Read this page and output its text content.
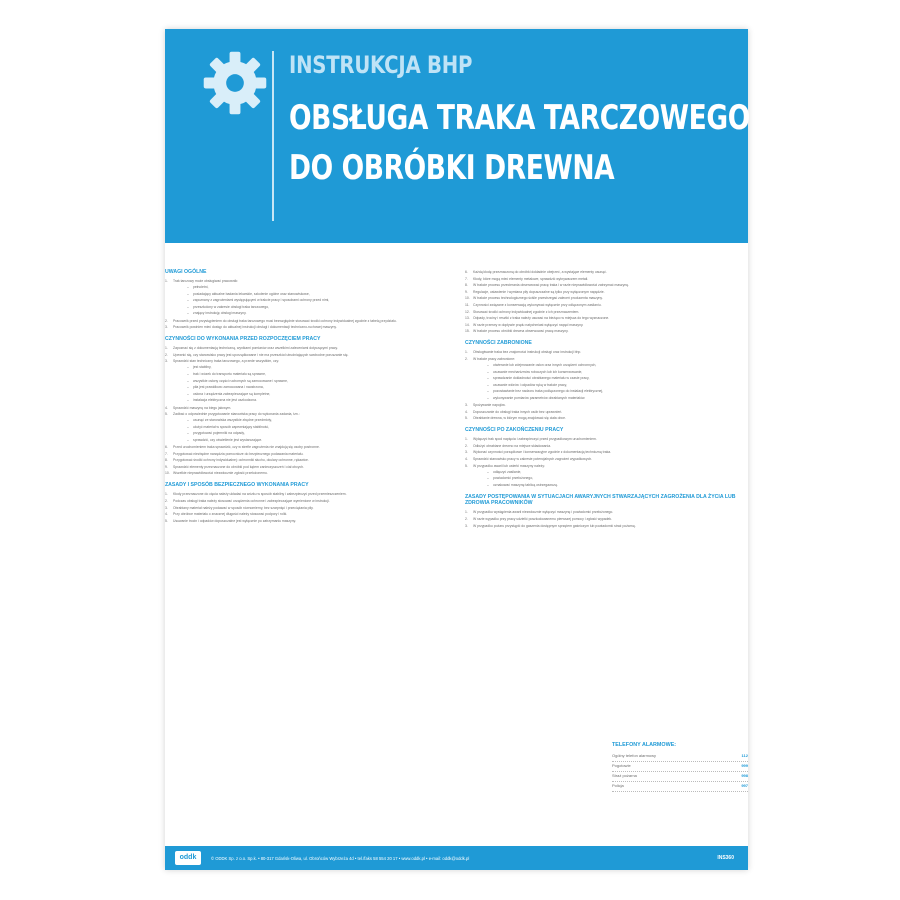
INSTRUKCJA BHP
OBSŁUGA TRAKA TARCZOWEGO
DO OBRÓBKI DREWNA
UWAGI OGÓLNE
1.	Trak tarczowy może obsługiwać pracownik:
–	pełnoletni,
–	posiadający aktualne badania lekarskie, szkolenie ogólne oraz stanowiskowe,
–	zapoznany z zagrożeniami występującymi w trakcie pracy i sposobami ochrony przed nimi,
–	przeszkolony w zakresie obsługi traka tarczowego,
–	znający instrukcję obsługi maszyny.
2.	Pracownik przed przystąpieniem do obsługi traka tarczowego musi bezwzględnie stosować środki ochrony indywidualnej zgodnie z tabelą przydziału.
3.	Pracownik powinien mieć dostęp do aktualnej instrukcji obsługi i dokumentacji techniczno-ruchowej maszyny.
CZYNNOŚCI DO WYKONANIA PRZED ROZPOCZĘCIEM PRACY
1.	Zapoznać się z dokumentacją techniczną, wynikami pomiarów oraz wszelkimi zaleceniami dotyczącymi pracy.
2.	Upewnić się, czy stanowisko pracy jest uporządkowane i nie ma przeszkód utrudniających swobodne poruszanie się.
3.	Sprawdzić stan techniczny traka tarczowego, a przede wszystkim, czy:
–	jest stabilny,
–	trak i wózek do transportu materiału są sprawne,
–	wszystkie osłony części ruchomych są zamocowane i sprawne,
–	piła jest prawidłowo zamocowana i naostrzona,
–	osłona i urządzenia zabezpieczające są kompletne,
–	instalacja elektryczna nie jest uszkodzona.
4.	Sprawdzić maszynę na biegu jałowym.
5.	Zadbać o odpowiednie przygotowanie stanowiska pracy do wykonania zadania, tzn.:
–	usunąć ze stanowiska wszystkie zbędne przedmioty,
–	ułożyć materiał w sposób zapewniający stabilność,
–	przygotować pojemniki na odpady,
–	sprawdzić, czy oświetlenie jest wystarczające.
6.	Przed uruchomieniem traka sprawdzić, czy w strefie zagrożenia nie znajdują się osoby postronne.
7.	Przygotować niezbędne narzędzia pomocnicze do bezpiecznego podawania materiału.
8.	Przygotować środki ochrony indywidualnej: ochronniki słuchu, okulary ochronne, rękawice.
9.	Sprawdzić elementy przeznaczone do obróbki pod kątem zanieczyszczeń i ciał obcych.
10. Wszelkie nieprawidłowości niezwłocznie zgłosić przełożonemu.
ZASADY I SPOSÓB BEZPIECZNEGO WYKONANIA PRACY
1.	Kłody przeznaczone do cięcia należy układać na wózku w sposób stabilny i zabezpieczyć przed przemieszczeniem.
2.	Podczas obsługi traka należy stosować urządzenia ochronne i zabezpieczające wymienione w instrukcji.
3.	Obrabiany materiał należy podawać w sposób równomierny, bez szarpnięć i przeciążania piły.
4.	Przy obróbce materiału o znacznej długości należy stosować podpory i rolki.
5.	Usuwanie trocin i odpadów dopuszczalne jest wyłącznie po zatrzymaniu maszyny.
6.	Każdą kłodę przeznaczoną do obróbki dokładnie obejrzeć, a wystające elementy usunąć.
7.	Kłody, które mogą mieć elementy metalowe, sprawdzić wykrywaczem metali.
8.	W trakcie procesu przecierania obserwować pracę traka i w razie nieprawidłowości zatrzymać maszynę.
9.	Regulacje, ustawienie i wymiana piły dopuszczalne są tylko przy wyłączonym napędzie.
10. W trakcie procesu technologicznego ściśle przestrzegać zaleceń producenta maszyny.
11.	Czynności związane z konserwacją wykonywać wyłącznie przy odłączonym zasilaniu.
12. Stosować środki ochrony indywidualnej zgodnie z ich przeznaczeniem.
13. Odpady, trociny i resztki z traka należy usuwać na bieżąco w miejsca do tego wyznaczone.
14. W razie przerwy w dopływie prądu natychmiast wyłączyć napęd maszyny.
15. W trakcie procesu obróbki drewna obserwować pracę maszyny.
CZYNNOŚCI ZABRONIONE
1.	Obsługiwanie traka bez znajomości instrukcji obsługi oraz instrukcji bhp.
2.	W trakcie pracy zabronione:
–	otwieranie lub zdejmowanie osłon oraz innych urządzeń ochronnych,
–	usuwanie mechanizmów roboczych lub ich konserwowanie,
–	sprawdzanie dokładności obrabianego materiału w czasie pracy,
–	usuwanie wiórów i odpadów ręką w trakcie pracy,
–	pozostawianie bez nadzoru traka podłączonego do instalacji elektrycznej,
–	wykonywanie pomiarów parametrów obrabianych materiałów.
3.	Spożywanie napojów.
4.	Dopuszczanie do obsługi traka innych osób bez uprawnień.
5.	Obrabianie drewna, w którym mogą znajdować się ciała obce.
CZYNNOŚCI PO ZAKOŃCZENIU PRACY
1.	Wyłączyć trak spod napięcia i zabezpieczyć przed przypadkowym uruchomieniem.
2.	Odłożyć obrabiane drewno na miejsce składowania.
3.	Wykonać czynności porządkowe i konserwacyjne zgodnie z dokumentacją techniczną traka.
4.	Sprawdzić stanowisko pracy w zakresie potencjalnych zagrożeń wypadkowych.
5.	W przypadku awarii lub usterki maszyny należy:
–	odłączyć zasilanie,
–	powiadomić przełożonego,
–	oznakować maszynę tablicą ostrzegawczą.
ZASADY POSTĘPOWANIA W SYTUACJACH AWARYJNYCH STWARZAJĄCYCH ZAGROŻENIA DLA ŻYCIA LUB ZDROWIA PRACOWNIKÓW
1.	W przypadku wystąpienia awarii niezwłocznie wyłączyć maszynę i powiadomić przełożonego.
2.	W razie wypadku przy pracy udzielić poszkodowanemu pierwszej pomocy i zgłosić wypadek.
3.	W przypadku pożaru przystąpić do gaszenia dostępnym sprzętem gaśniczym lub powiadomić straż pożarną.
TELEFONY ALARMOWE:
Ogólny telefon alarmowy	112
Pogotowie	999
Straż pożarna	998
Policja	997
oddk	© ODDK Sp. z o.o. Sp.k. • 80-317 Gdańsk-Oliwa, ul. Obrońców Wybrzeża 4d • tel./faks 58 554 20 17 • www.oddk.pl • e-mail: oddk@oddk.pl	INS360
